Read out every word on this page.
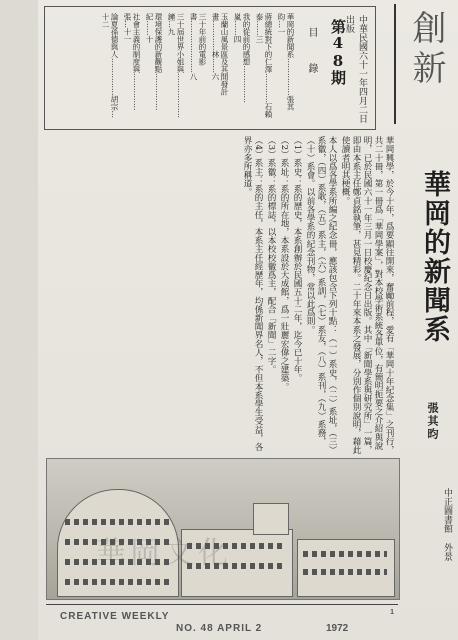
創新
中華民國六十一年四月二日出版
第48期
目　錄
華岡的新聞系……………張其昀…一
蔣總統對下的仁澤…………石賴泰……三
我的從前的感想……………嵐……四
玉蘭山風景區及其開發計畫…………林……六
三十年前的電影書…………………八
三十屆世界小姐與………………鐘…九
環境保護的新觀點……………紀……十
社會主義的制度與……………張…十一
論夏孫德與人……………胡宗…十二
華岡的新聞系
張其昀

華岡興學，於今十年，爲要顯往開來，奮勵前程，愛有「華岡十年紀念集」之刊行，共二十冊，第一冊爲「華岡學案」，對本校學術系統各單位，有簡明扼要之介紹與說明，已於民國六十一年三月一日校慶紀念日出版。其中「新聞學系與研究所」一篇，即由本系主任鄭貞銘執筆，甚見精彩。二十年來本系之發展，分別作個別說明，藉此使讀者明其梗概。

本人以爲各學系所編之紀念冊，應該包含下列十點：（一）系史，（二）系址，（三）系徽，（四）系歌，（五）系主，（六）系訓，（七）系友，（八）系刊，（九）系務，（十）系會。以前各學系的紀念刊物，常以此爲則。

（1）系史：系的歷史，本系創辦於民國五十二年，迄今已十年。

（2）系址：系的所在地，本系設於大成館，爲一壯麗宏偉之建築。

（3）系徽：系的標誌，以本校校徽爲主，配合「新聞」二字。

（4）系主：系的主任，本系主任經歷年，均係新聞界名人，不但本系學生受益，各界亦多所稱道。

中正圖書館 外景
華岡文化
CREATIVE WEEKLY
NO. 48 APRIL 2	1972
1
